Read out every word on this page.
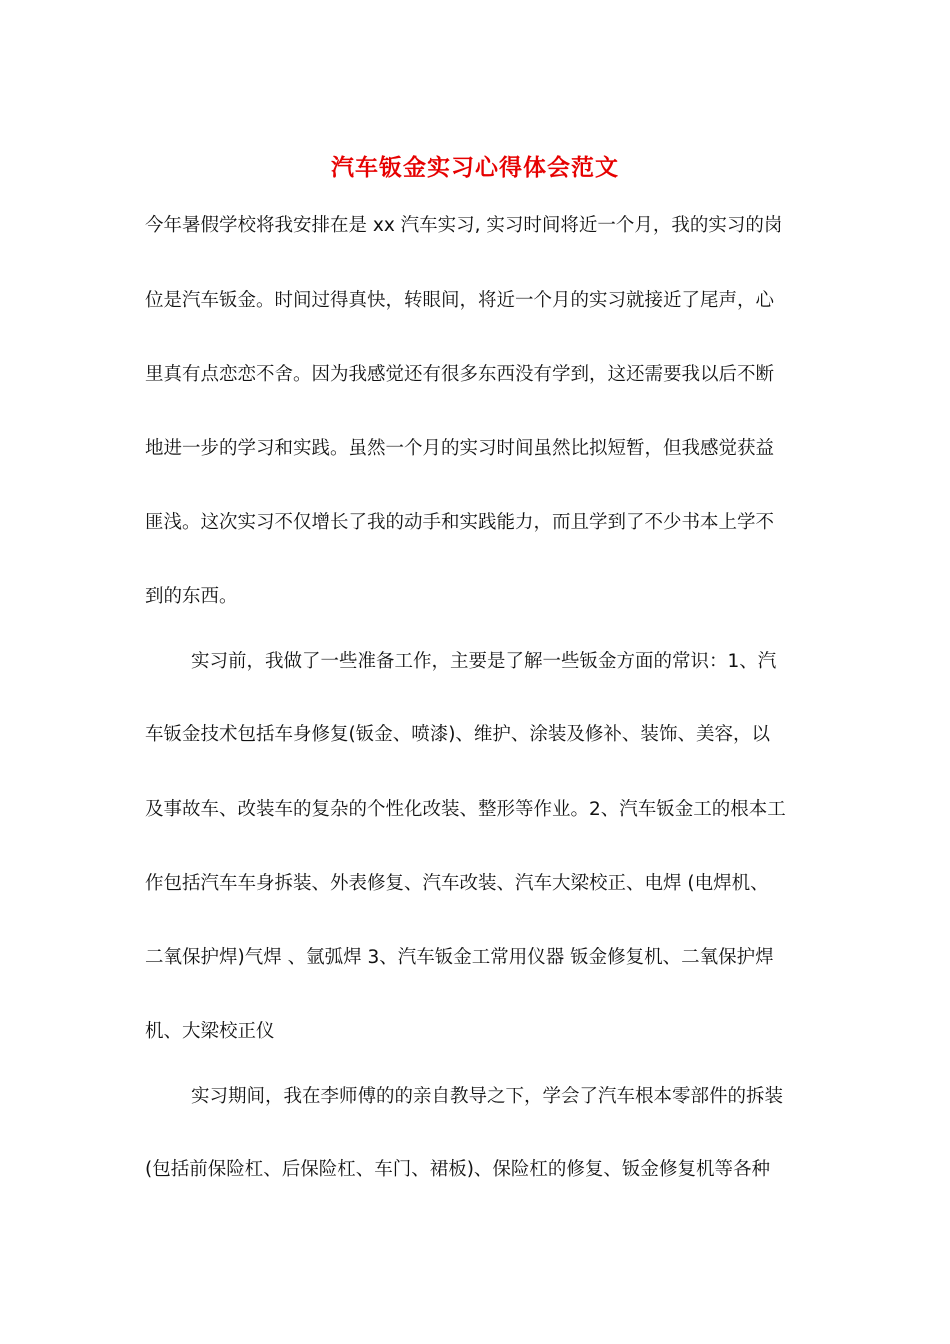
汽车钣金实习心得体会范文
今年暑假学校将我安排在是 xx 汽车实习, 实习时间将近一个月，我的实习的岗
位是汽车钣金。时间过得真快，转眼间，将近一个月的实习就接近了尾声，心
里真有点恋恋不舍。因为我感觉还有很多东西没有学到，这还需要我以后不断
地进一步的学习和实践。虽然一个月的实习时间虽然比拟短暂，但我感觉获益
匪浅。这次实习不仅增长了我的动手和实践能力，而且学到了不少书本上学不
到的东西。
实习前，我做了一些准备工作，主要是了解一些钣金方面的常识：1、汽
车钣金技术包括车身修复(钣金、喷漆)、维护、涂装及修补、装饰、美容，以
及事故车、改装车的复杂的个性化改装、整形等作业。2、汽车钣金工的根本工
作包括汽车车身拆装、外表修复、汽车改装、汽车大梁校正、电焊 (电焊机、
二氧保护焊)气焊 、氩弧焊 3、汽车钣金工常用仪器 钣金修复机、二氧保护焊
机、大梁校正仪
实习期间，我在李师傅的的亲自教导之下，学会了汽车根本零部件的拆装
(包括前保险杠、后保险杠、车门、裙板)、保险杠的修复、钣金修复机等各种
